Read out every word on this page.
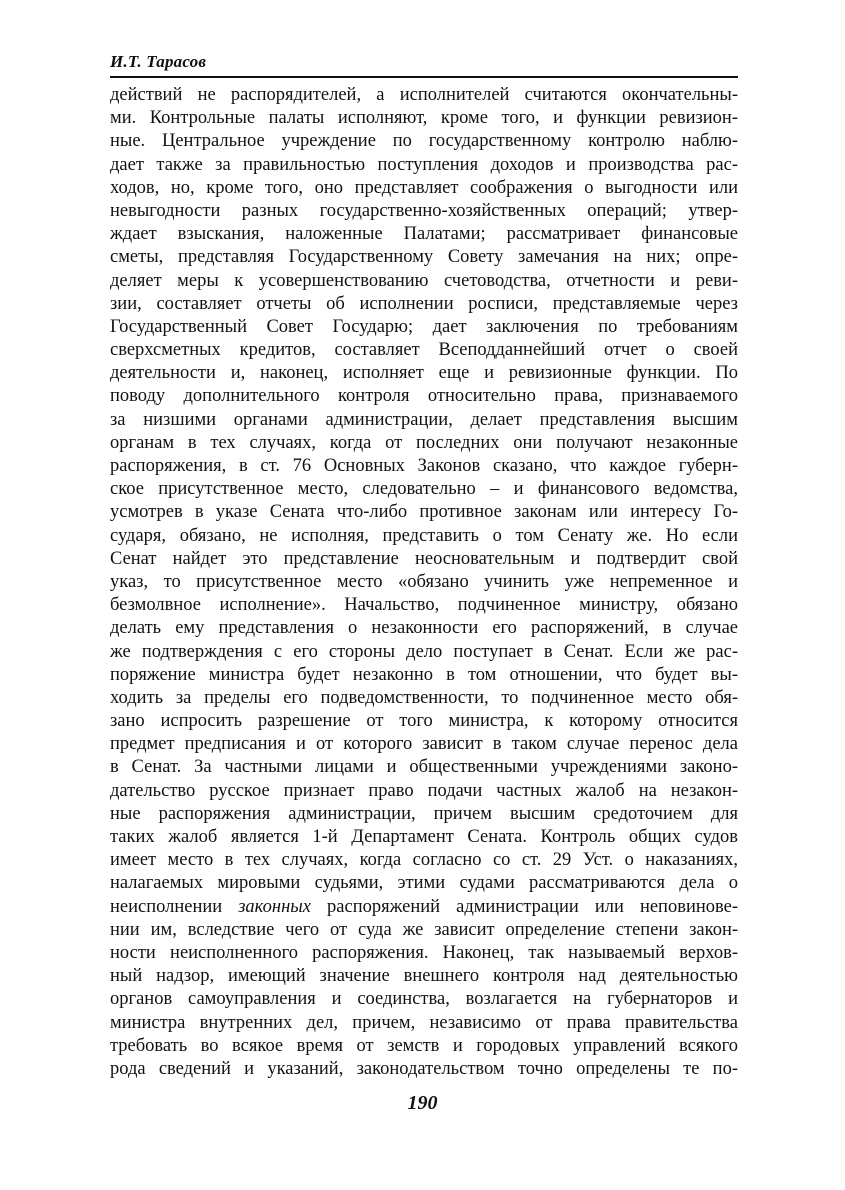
И.Т. Тарасов
действий не распорядителей, а исполнителей считаются окончательны-
ми. Контрольные палаты исполняют, кроме того, и функции ревизион-
ные. Центральное учреждение по государственному контролю наблю-
дает также за правильностью поступления доходов и производства рас-
ходов, но, кроме того, оно представляет соображения о выгодности или
невыгодности разных государственно-хозяйственных операций; утвер-
ждает взыскания, наложенные Палатами; рассматривает финансовые
сметы, представляя Государственному Совету замечания на них; опре-
деляет меры к усовершенствованию счетоводства, отчетности и реви-
зии, составляет отчеты об исполнении росписи, представляемые через
Государственный Совет Государю; дает заключения по требованиям
сверхсметных кредитов, составляет Всеподданнейший отчет о своей
деятельности и, наконец, исполняет еще и ревизионные функции. По
поводу дополнительного контроля относительно права, признаваемого
за низшими органами администрации, делает представления высшим
органам в тех случаях, когда от последних они получают незаконные
распоряжения, в ст. 76 Основных Законов сказано, что каждое губерн-
ское присутственное место, следовательно – и финансового ведомства,
усмотрев в указе Сената что-либо противное законам или интересу Го-
сударя, обязано, не исполняя, представить о том Сенату же. Но если
Сенат найдет это представление неосновательным и подтвердит свой
указ, то присутственное место «обязано учинить уже непременное и
безмолвное исполнение». Начальство, подчиненное министру, обязано
делать ему представления о незаконности его распоряжений, в случае
же подтверждения с его стороны дело поступает в Сенат. Если же рас-
поряжение министра будет незаконно в том отношении, что будет вы-
ходить за пределы его подведомственности, то подчиненное место обя-
зано испросить разрешение от того министра, к которому относится
предмет предписания и от которого зависит в таком случае перенос дела
в Сенат. За частными лицами и общественными учреждениями законо-
дательство русское признает право подачи частных жалоб на незакон-
ные распоряжения администрации, причем высшим средоточием для
таких жалоб является 1-й Департамент Сената. Контроль общих судов
имеет место в тех случаях, когда согласно со ст. 29 Уст. о наказаниях,
налагаемых мировыми судьями, этими судами рассматриваются дела о
неисполнении законных распоряжений администрации или неповинове-
нии им, вследствие чего от суда же зависит определение степени закон-
ности неисполненного распоряжения. Наконец, так называемый верхов-
ный надзор, имеющий значение внешнего контроля над деятельностью
органов самоуправления и соединства, возлагается на губернаторов и
министра внутренних дел, причем, независимо от права правительства
требовать во всякое время от земств и городовых управлений всякого
рода сведений и указаний, законодательством точно определены те по-
190
